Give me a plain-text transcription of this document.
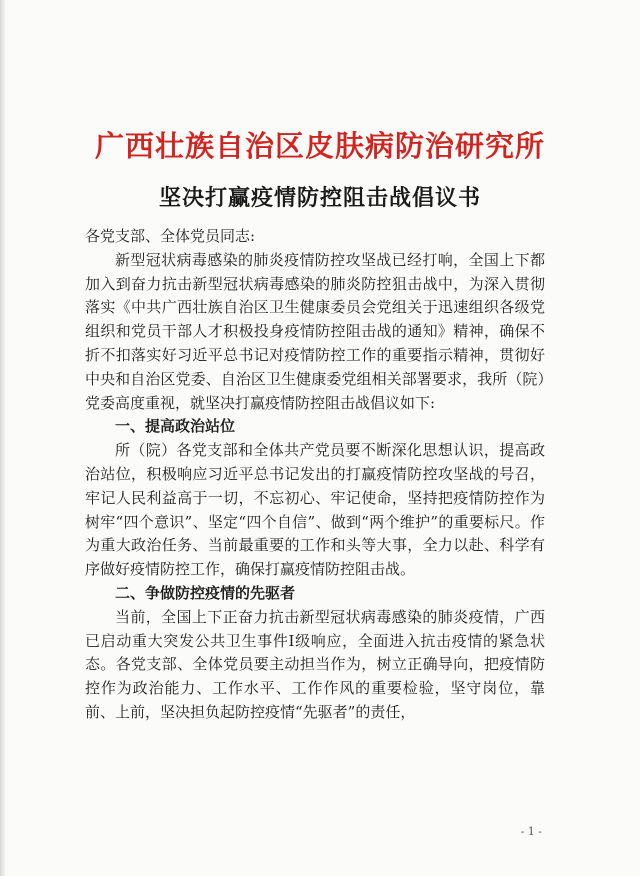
广西壮族自治区皮肤病防治研究所
坚决打赢疫情防控阻击战倡议书

各党支部、全体党员同志:

新型冠状病毒感染的肺炎疫情防控攻坚战已经打响，全国上下都加入到奋力抗击新型冠状病毒感染的肺炎防控狙击战中，为深入贯彻落实《中共广西壮族自治区卫生健康委员会党组关于迅速组织各级党组织和党员干部人才积极投身疫情防控阻击战的通知》精神，确保不折不扣落实好习近平总书记对疫情防控工作的重要指示精神，贯彻好中央和自治区党委、自治区卫生健康委党组相关部署要求，我所（院）党委高度重视，就坚决打赢疫情防控阻击战倡议如下:

一、提高政治站位

所（院）各党支部和全体共产党员要不断深化思想认识，提高政治站位，积极响应习近平总书记发出的打赢疫情防控攻坚战的号召，牢记人民利益高于一切，不忘初心、牢记使命，坚持把疫情防控作为树牢“四个意识”、坚定“四个自信”、做到“两个维护”的重要标尺。作为重大政治任务、当前最重要的工作和头等大事，全力以赴、科学有序做好疫情防控工作，确保打赢疫情防控阻击战。

二、争做防控疫情的先驱者

当前，全国上下正奋力抗击新型冠状病毒感染的肺炎疫情，广西已启动重大突发公共卫生事件Ⅰ级响应，全面进入抗击疫情的紧急状态。各党支部、全体党员要主动担当作为，树立正确导向，把疫情防控作为政治能力、工作水平、工作作风的重要检验，坚守岗位，靠前、上前，坚决担负起防控疫情“先驱者”的责任，

- 1 -
